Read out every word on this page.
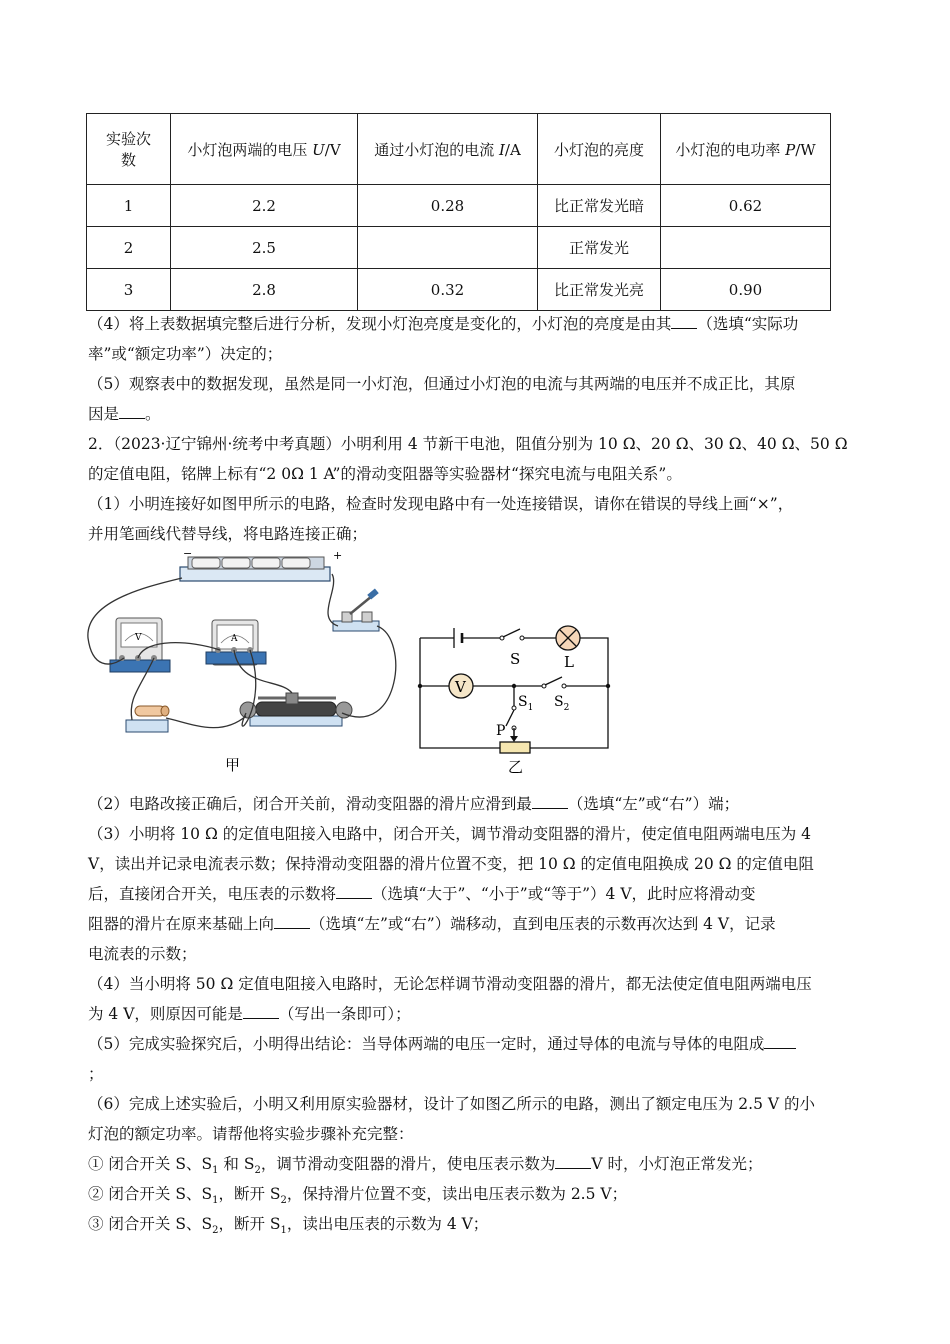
实验次
数	小灯泡两端的电压 U/V	通过小灯泡的电流 I/A	小灯泡的亮度	小灯泡的电功率 P/W
1	2.2	0.28	比正常发光暗	0.62
2	2.5		正常发光	
3	2.8	0.32	比正常发光亮	0.90
（4）将上表数据填完整后进行分析，发现小灯泡亮度是变化的，小灯泡的亮度是由其 （选填“实际功
率”或“额定功率”）决定的；
（5）观察表中的数据发现，虽然是同一小灯泡，但通过小灯泡的电流与其两端的电压并不成正比，其原
因是 。
2．（2023·辽宁锦州·统考中考真题）小明利用 4 节新干电池，阻值分别为 10 Ω、20 Ω、30 Ω、40 Ω、50 Ω
的定值电阻，铭牌上标有“2 0Ω 1 A”的滑动变阻器等实验器材“探究电流与电阻关系”。
（1）小明连接好如图甲所示的电路，检查时发现电路中有一处连接错误，请你在错误的导线上画“×”，
并用笔画线代替导线，将电路连接正确；
−	+
V	A
甲
S	L
V
$S_2$
$S_1$
P
乙
（2）电路改接正确后，闭合开关前，滑动变阻器的滑片应滑到最 （选填“左”或“右”）端；
（3）小明将 10 Ω 的定值电阻接入电路中，闭合开关，调节滑动变阻器的滑片，使定值电阻两端电压为 4
V，读出并记录电流表示数；保持滑动变阻器的滑片位置不变，把 10 Ω 的定值电阻换成 20 Ω 的定值电阻
后，直接闭合开关，电压表的示数将 （选填“大于”、“小于”或“等于”）4 V，此时应将滑动变
阻器的滑片在原来基础上向 （选填“左”或“右”）端移动，直到电压表的示数再次达到 4 V，记录
电流表的示数；
（4）当小明将 50 Ω 定值电阻接入电路时，无论怎样调节滑动变阻器的滑片，都无法使定值电阻两端电压
为 4 V，则原因可能是 （写出一条即可）；
（5）完成实验探究后，小明得出结论：当导体两端的电压一定时，通过导体的电流与导体的电阻成
；
（6）完成上述实验后，小明又利用原实验器材，设计了如图乙所示的电路，测出了额定电压为 2.5 V 的小
灯泡的额定功率。请帮他将实验步骤补充完整：
① 闭合开关 S、$S_1$ 和 $S_2$，调节滑动变阻器的滑片，使电压表示数为 V 时，小灯泡正常发光；
② 闭合开关 S、$S_1$，断开 $S_2$，保持滑片位置不变，读出电压表示数为 2.5 V；
③ 闭合开关 S、$S_2$，断开 $S_1$，读出电压表的示数为 4 V；
